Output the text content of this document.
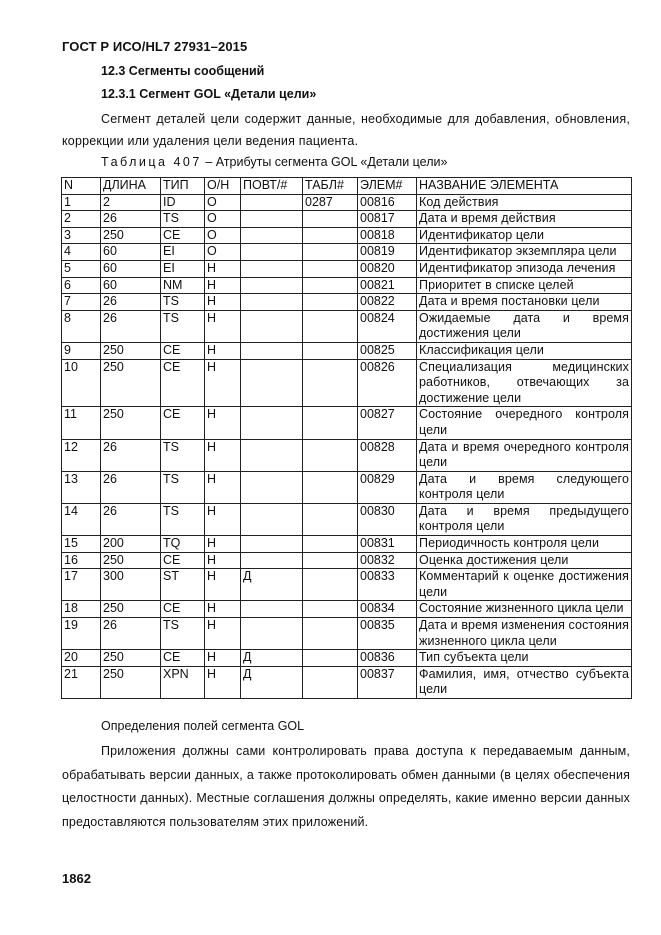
ГОСТ Р ИСО/HL7 27931–2015
12.3 Сегменты сообщений
12.3.1 Сегмент GOL «Детали цели»
Сегмент деталей цели содержит данные, необходимые для добавления, обновления, коррекции или удаления цели ведения пациента.
Таблица 407 – Атрибуты сегмента GOL «Детали цели»
N	ДЛИНА	ТИП	О/Н	ПОВТ/#	ТАБЛ#	ЭЛЕМ#	НАЗВАНИЕ ЭЛЕМЕНТА
1	2	ID	О		0287	00816	Код действия
2	26	TS	О			00817	Дата и время действия
3	250	CE	О			00818	Идентификатор цели
4	60	EI	О			00819	Идентификатор экземпляра цели
5	60	EI	Н			00820	Идентификатор эпизода лечения
6	60	NM	Н			00821	Приоритет в списке целей
7	26	TS	Н			00822	Дата и время постановки цели
8	26	TS	Н			00824	Ожидаемые дата и время достижения цели
9	250	CE	Н			00825	Классификация цели
10	250	CE	Н			00826	Специализация медицинских работников, отвечающих за достижение цели
11	250	CE	Н			00827	Состояние очередного контроля цели
12	26	TS	Н			00828	Дата и время очередного контроля цели
13	26	TS	Н			00829	Дата и время следующего контроля цели
14	26	TS	Н			00830	Дата и время предыдущего контроля цели
15	200	TQ	Н			00831	Периодичность контроля цели
16	250	CE	Н			00832	Оценка достижения цели
17	300	ST	Н	Д		00833	Комментарий к оценке достижения цели
18	250	CE	Н			00834	Состояние жизненного цикла цели
19	26	TS	Н			00835	Дата и время изменения состояния жизненного цикла цели
20	250	CE	Н	Д		00836	Тип субъекта цели
21	250	XPN	Н	Д		00837	Фамилия, имя, отчество субъекта цели
Определения полей сегмента GOL
Приложения должны сами контролировать права доступа к передаваемым данным, обрабатывать версии данных, а также протоколировать обмен данными (в целях обеспечения целостности данных). Местные соглашения должны определять, какие именно версии данных предоставляются пользователям этих приложений.
1862
